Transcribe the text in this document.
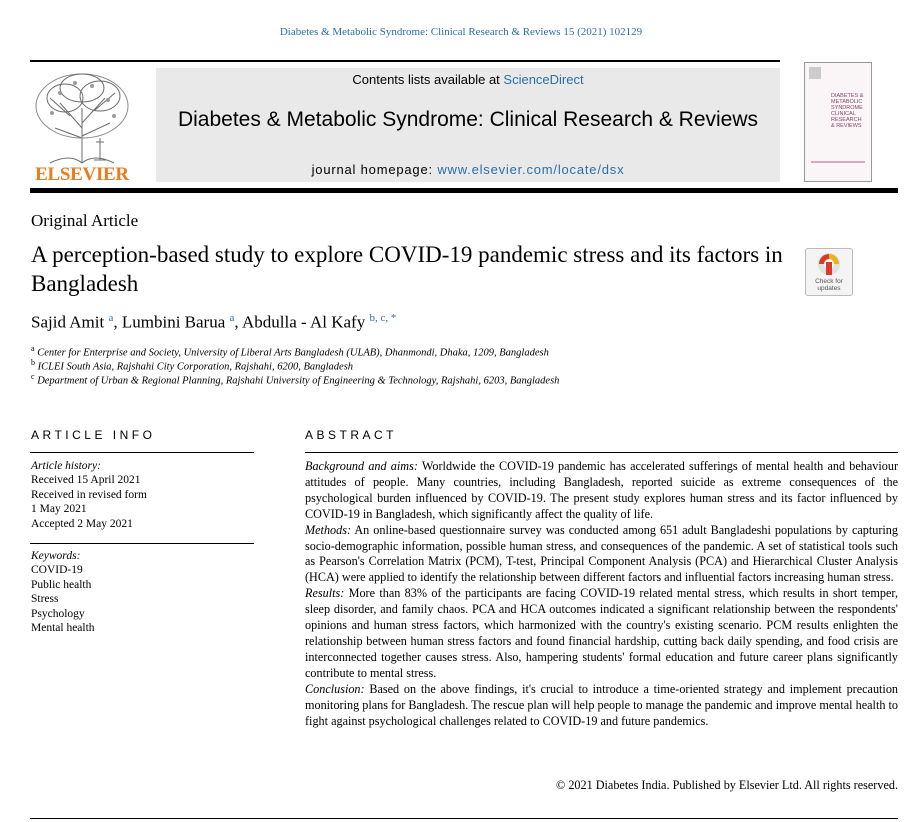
Diabetes & Metabolic Syndrome: Clinical Research & Reviews 15 (2021) 102129
ELSEVIER
Contents lists available at ScienceDirect
Diabetes & Metabolic Syndrome: Clinical Research & Reviews
journal homepage: www.elsevier.com/locate/dsx
DIABETES &
METABOLIC
SYNDROME
CLINICAL
RESEARCH
& REVIEWS
Original Article
A perception-based study to explore COVID-19 pandemic stress and its factors in Bangladesh	Check for
updates
Sajid Amit $^a$, Lumbini Barua $^a$, Abdulla - Al Kafy $^{b, c, *}$
$^a$ Center for Enterprise and Society, University of Liberal Arts Bangladesh (ULAB), Dhanmondi, Dhaka, 1209, Bangladesh
$^b$ ICLEI South Asia, Rajshahi City Corporation, Rajshahi, 6200, Bangladesh
$^c$ Department of Urban & Regional Planning, Rajshahi University of Engineering & Technology, Rajshahi, 6203, Bangladesh
ARTICLE INFO
Article history:
Received 15 April 2021
Received in revised form
1 May 2021
Accepted 2 May 2021
Keywords:
COVID-19
Public health
Stress
Psychology
Mental health
ABSTRACT

Background and aims: Worldwide the COVID-19 pandemic has accelerated sufferings of mental health and behaviour attitudes of people. Many countries, including Bangladesh, reported suicide as extreme consequences of the psychological burden influenced by COVID-19. The present study explores human stress and its factor influenced by COVID-19 in Bangladesh, which significantly affect the quality of life.

Methods: An online-based questionnaire survey was conducted among 651 adult Bangladeshi populations by capturing socio-demographic information, possible human stress, and consequences of the pandemic. A set of statistical tools such as Pearson's Correlation Matrix (PCM), T-test, Principal Component Analysis (PCA) and Hierarchical Cluster Analysis (HCA) were applied to identify the relationship between different factors and influential factors increasing human stress.

Results: More than 83% of the participants are facing COVID-19 related mental stress, which results in short temper, sleep disorder, and family chaos. PCA and HCA outcomes indicated a significant relationship between the respondents' opinions and human stress factors, which harmonized with the country's existing scenario. PCM results enlighten the relationship between human stress factors and found financial hardship, cutting back daily spending, and food crisis are interconnected together causes stress. Also, hampering students' formal education and future career plans significantly contribute to mental stress.

Conclusion: Based on the above findings, it's crucial to introduce a time-oriented strategy and implement precaution monitoring plans for Bangladesh. The rescue plan will help people to manage the pandemic and improve mental health to fight against psychological challenges related to COVID-19 and future pandemics.

© 2021 Diabetes India. Published by Elsevier Ltd. All rights reserved.
